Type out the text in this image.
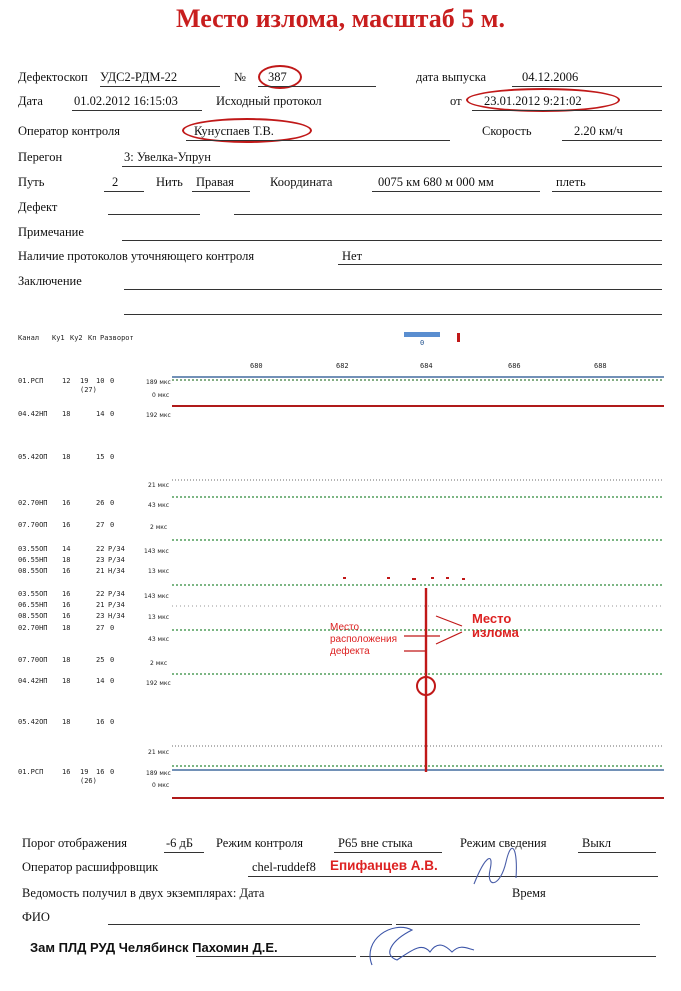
Место излома, масштаб 5 м.
Дефектоскоп УДС2-РДМ-22	№ 387	дата выпуска	04.12.2006
Дата 01.02.2012 16:15:03	Исходный протокол	от 23.01.2012 9:21:02
Оператор контроля	Кунуспаев Т.В.	Скорость	2.20 км/ч
Перегон	3: Увелка-Упрун
Путь	2	Нить Правая	Координата	0075 км 680 м 000 мм	плеть
Дефект
Примечание
Наличие протоколов уточняющего контроля	Нет
Заключение
Канал Ку1 Ку2 Кп Разворот
0
680	682	684	686	688
01.РСП	12 19
(27)
10 0	189 мкс
0 мкс
04.42НП 18	14 0	192 мкс
05.42ОП 18	15 0
21 мкс
02.70НП 16	26 0	43 мкс
07.70ОП 16	27 0	2 мкс
03.55ОП 14	22 Р/34	143 мкс
06.55НП 18	23 Р/34
08.55ОП 16	21 Н/34	13 мкс
03.55ОП 16	22 Р/34	143 мкс
06.55НП 16	21 Р/34
08.55ОП 16	23 Н/34	13 мкс
02.70НП 18	27 0
43 мкс
07.70ОП 18	25 0	2 мкс
04.42НП 18	14 0	192 мкс
05.42ОП 18	16 0
21 мкс
01.РСП	16 19
(26)
16 0	189 мкс
0 мкс
Место
расположения
дефекта
Место
излома
Порог отображения	-6 дБ Режим контроля	Р65 вне стыка	Режим сведения	Выкл
Оператор расшифровщик	chel-ruddef8 Епифанцев А.В.
Ведомость получил в двух экземплярах: Дата	Время
ФИО
Зам ПЛД РУД Челябинск Пахомин Д.Е.
